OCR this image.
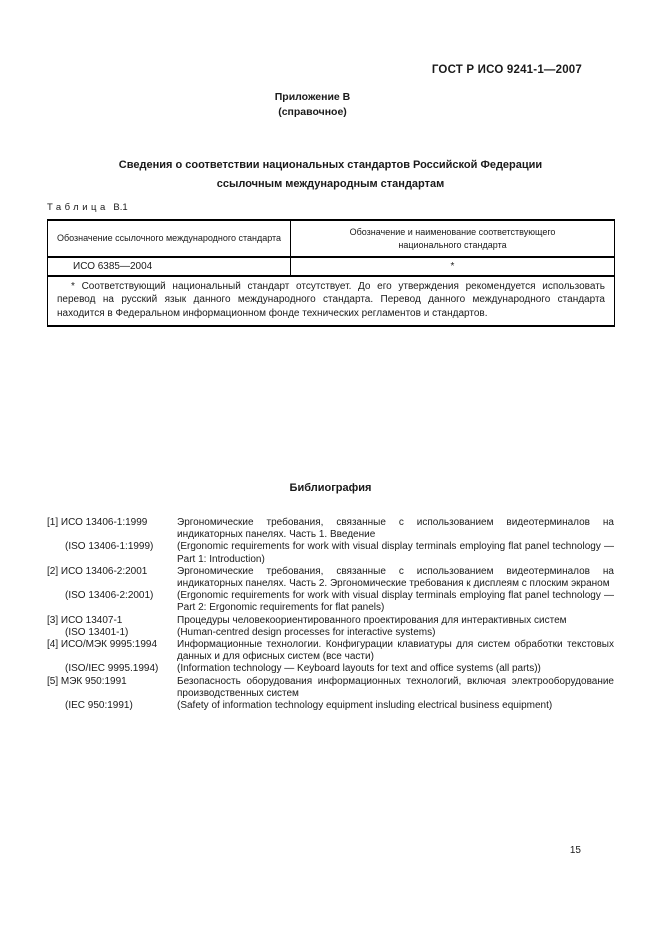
ГОСТ Р ИСО 9241-1—2007
Приложение В
(справочное)
Сведения о соответствии национальных стандартов Российской Федерации
ссылочным международным стандартам
Таблица В.1
Обозначение ссылочного международного стандарта	Обозначение и наименование соответствующего национального стандарта
ИСО 6385—2004	*

* Соответствующий национальный стандарт отсутствует. До его утверждения рекомендуется использовать перевод на русский язык данного международного стандарта. Перевод данного международного стандарта находится в Федеральном информационном фонде технических регламентов и стандартов.	
Библиография
[1] ИСО 13406-1:1999	Эргономические требования, связанные с использованием видеотерминалов на индикаторных панелях. Часть 1. Введение
(ISO 13406-1:1999)	(Ergonomic requirements for work with visual display terminals employing flat panel technology — Part 1: Introduction)
[2] ИСО 13406-2:2001	Эргономические требования, связанные с использованием видеотерминалов на индикаторных панелях. Часть 2. Эргономические требования к дисплеям с плоским экраном
(ISO 13406-2:2001)	(Ergonomic requirements for work with visual display terminals employing flat panel technology — Part 2: Ergonomic requirements for flat panels)
[3] ИСО 13407-1	Процедуры человекоориентированного проектирования для интерактивных систем
(ISO 13401-1)	(Human-centred design processes for interactive systems)
[4] ИСО/МЭК 9995:1994	Информационные технологии. Конфигурации клавиатуры для систем обработки текстовых данных и для офисных систем (все части)
(ISO/IEC 9995.1994)	(Information technology — Keyboard layouts for text and office systems (all parts))
[5] МЭК 950:1991	Безопасность оборудования информационных технологий, включая электрооборудование производственных систем
(IEC 950:1991)	(Safety of information technology equipment insluding electrical business equipment)
15
